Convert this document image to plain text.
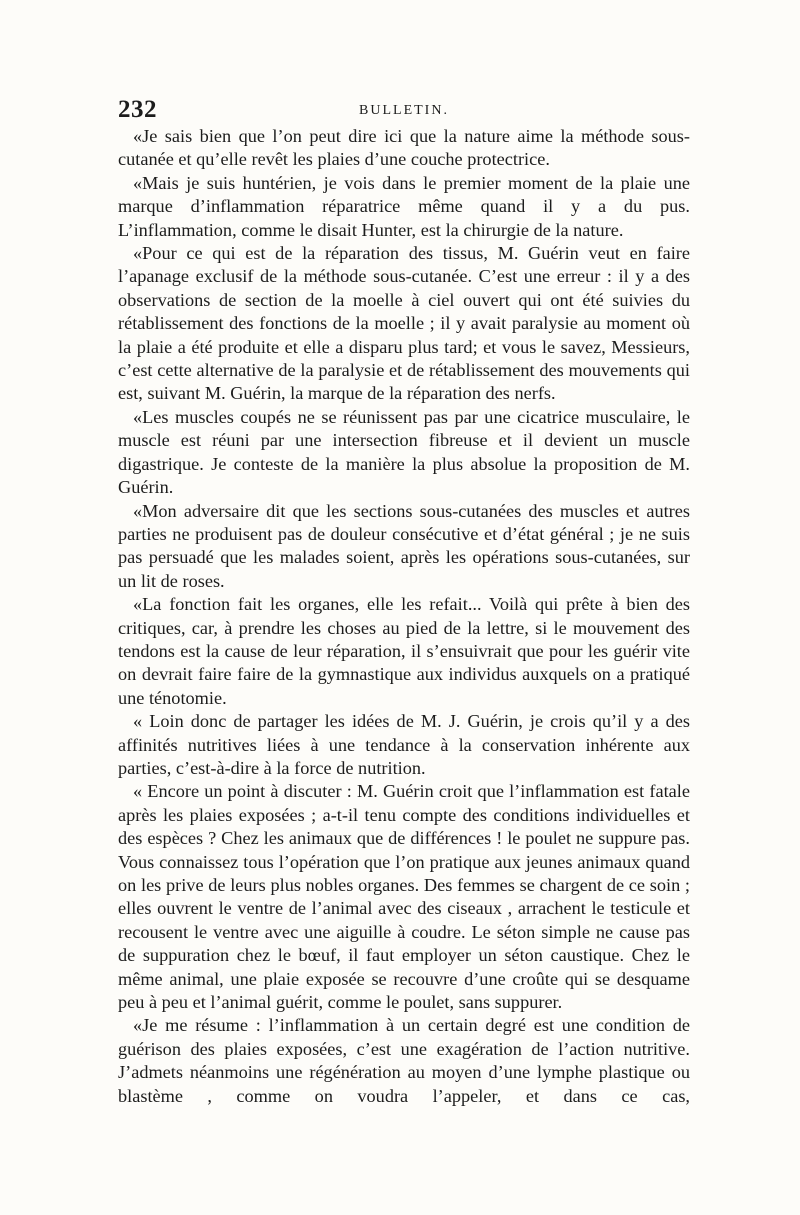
232	BULLETIN.

«Je sais bien que l’on peut dire ici que la nature aime la méthode sous-cutanée et qu’elle revêt les plaies d’une couche protectrice.

«Mais je suis huntérien, je vois dans le premier moment de la plaie une marque d’inflammation réparatrice même quand il y a du pus. L’inflammation, comme le disait Hunter, est la chirurgie de la nature.

«Pour ce qui est de la réparation des tissus, M. Guérin veut en faire l’apanage exclusif de la méthode sous-cutanée. C’est une erreur : il y a des observations de section de la moelle à ciel ouvert qui ont été suivies du rétablissement des fonctions de la moelle ; il y avait paralysie au moment où la plaie a été produite et elle a disparu plus tard; et vous le savez, Messieurs, c’est cette alternative de la paralysie et de rétablissement des mouvements qui est, suivant M. Guérin, la marque de la réparation des nerfs.

«Les muscles coupés ne se réunissent pas par une cicatrice musculaire, le muscle est réuni par une intersection fibreuse et il devient un muscle digastrique. Je conteste de la manière la plus absolue la proposition de M. Guérin.

«Mon adversaire dit que les sections sous-cutanées des muscles et autres parties ne produisent pas de douleur consécutive et d’état général ; je ne suis pas persuadé que les malades soient, après les opérations sous-cutanées, sur un lit de roses.

«La fonction fait les organes, elle les refait... Voilà qui prête à bien des critiques, car, à prendre les choses au pied de la lettre, si le mouvement des tendons est la cause de leur réparation, il s’ensuivrait que pour les guérir vite on devrait faire faire de la gymnastique aux individus auxquels on a pratiqué une ténotomie.

« Loin donc de partager les idées de M. J. Guérin, je crois qu’il y a des affinités nutritives liées à une tendance à la conservation inhérente aux parties, c’est-à-dire à la force de nutrition.

« Encore un point à discuter : M. Guérin croit que l’inflammation est fatale après les plaies exposées ; a-t-il tenu compte des conditions individuelles et des espèces ? Chez les animaux que de différences ! le poulet ne suppure pas. Vous connaissez tous l’opération que l’on pratique aux jeunes animaux quand on les prive de leurs plus nobles organes. Des femmes se chargent de ce soin ; elles ouvrent le ventre de l’animal avec des ciseaux , arrachent le testicule et recousent le ventre avec une aiguille à coudre. Le séton simple ne cause pas de suppuration chez le bœuf, il faut employer un séton caustique. Chez le même animal, une plaie exposée se recouvre d’une croûte qui se desquame peu à peu et l’animal guérit, comme le poulet, sans suppurer.

«Je me résume : l’inflammation à un certain degré est une condition de guérison des plaies exposées, c’est une exagération de l’action nutritive. J’admets néanmoins une régénération au moyen d’une lymphe plastique ou blastème , comme on voudra l’appeler, et dans ce cas,
